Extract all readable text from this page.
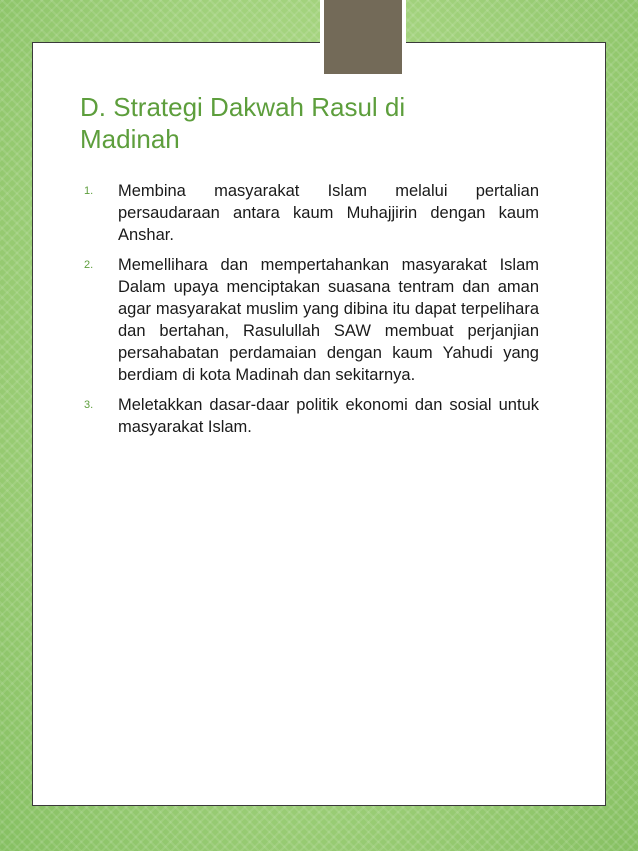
D. Strategi Dakwah Rasul di Madinah
1.	Membina masyarakat Islam melalui pertalian persaudaraan antara kaum Muhajjirin dengan kaum Anshar.
2.	Memellihara dan mempertahankan masyarakat Islam Dalam upaya menciptakan suasana tentram dan aman agar masyarakat muslim yang dibina itu dapat terpelihara dan bertahan, Rasulullah SAW membuat perjanjian persahabatan perdamaian dengan kaum Yahudi yang berdiam di kota Madinah dan sekitarnya.
3.	Meletakkan dasar-daar politik ekonomi dan sosial untuk masyarakat Islam.
